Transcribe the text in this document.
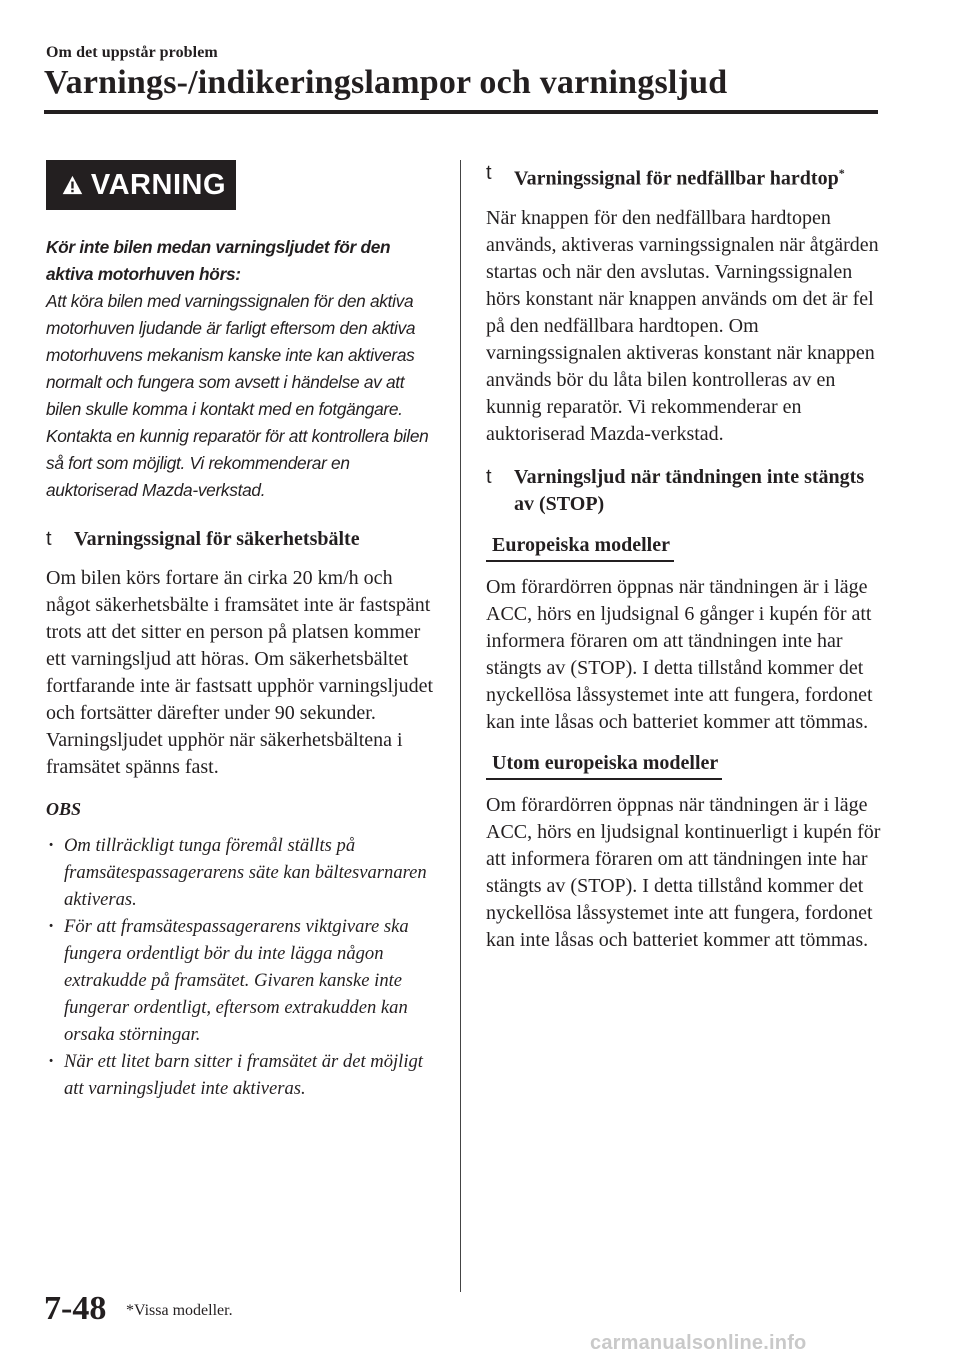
Om det uppstår problem
Varnings-/indikeringslampor och varningsljud
VARNING
Kör inte bilen medan varningsljudet för den aktiva motorhuven hörs:
Att köra bilen med varningssignalen för den aktiva motorhuven ljudande är farligt eftersom den aktiva motorhuvens mekanism kanske inte kan aktiveras normalt och fungera som avsett i händelse av att bilen skulle komma i kontakt med en fotgängare. Kontakta en kunnig reparatör för att kontrollera bilen så fort som möjligt. Vi rekommenderar en auktoriserad Mazda-verkstad.
t	Varningssignal för säkerhetsbälte
Om bilen körs fortare än cirka 20 km/h och något säkerhetsbälte i framsätet inte är fastspänt trots att det sitter en person på platsen kommer ett varningsljud att höras. Om säkerhetsbältet fortfarande inte är fastsatt upphör varningsljudet och fortsätter därefter under 90 sekunder. Varningsljudet upphör när säkerhetsbältena i framsätet spänns fast.
OBS
· Om tillräckligt tunga föremål ställts på framsätespassagerarens säte kan bältesvarnaren aktiveras.
· För att framsätespassagerarens viktgivare ska fungera ordentligt bör du inte lägga någon extrakudde på framsätet. Givaren kanske inte fungerar ordentligt, eftersom extrakudden kan orsaka störningar.
· När ett litet barn sitter i framsätet är det möjligt att varningsljudet inte aktiveras.
t	Varningssignal för nedfällbar hardtop*
När knappen för den nedfällbara hardtopen används, aktiveras varningssignalen när åtgärden startas och när den avslutas. Varningssignalen hörs konstant när knappen används om det är fel på den nedfällbara hardtopen. Om varningssignalen aktiveras konstant när knappen används bör du låta bilen kontrolleras av en kunnig reparatör. Vi rekommenderar en auktoriserad Mazda-verkstad.
t	Varningsljud när tändningen inte stängts av (STOP)
Europeiska modeller
Om förardörren öppnas när tändningen är i läge ACC, hörs en ljudsignal 6 gånger i kupén för att informera föraren om att tändningen inte har stängts av (STOP). I detta tillstånd kommer det nyckellösa låssystemet inte att fungera, fordonet kan inte låsas och batteriet kommer att tömmas.
Utom europeiska modeller
Om förardörren öppnas när tändningen är i läge ACC, hörs en ljudsignal kontinuerligt i kupén för att informera föraren om att tändningen inte har stängts av (STOP). I detta tillstånd kommer det nyckellösa låssystemet inte att fungera, fordonet kan inte låsas och batteriet kommer att tömmas.
7-48 *Vissa modeller.
carmanualsonline.info
